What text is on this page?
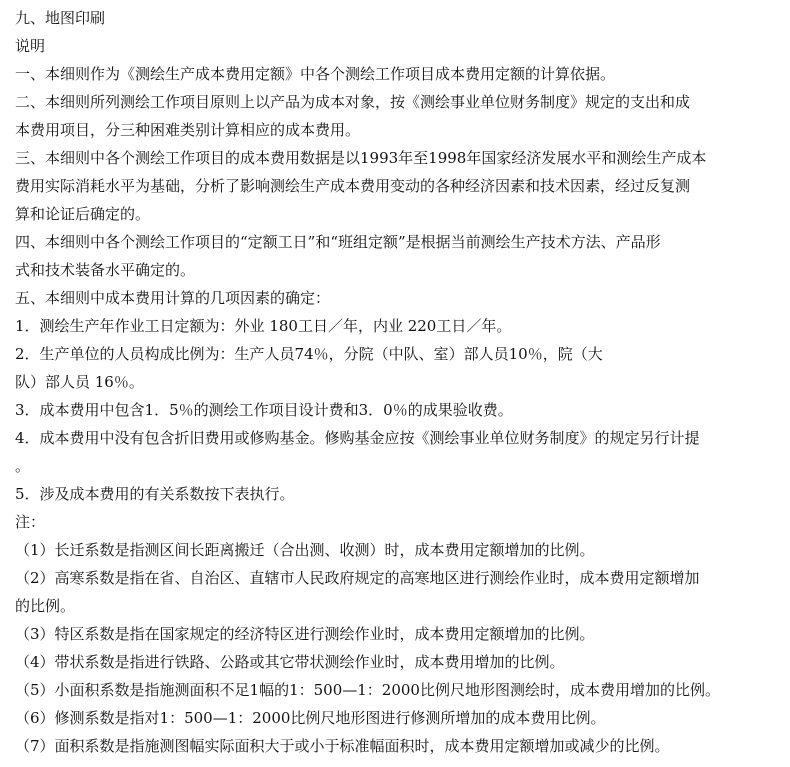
九、地图印刷
说明
一、本细则作为《测绘生产成本费用定额》中各个测绘工作项目成本费用定额的计算依据。
二、本细则所列测绘工作项目原则上以产品为成本对象，按《测绘事业单位财务制度》规定的支出和成
本费用项目，分三种困难类别计算相应的成本费用。
三、本细则中各个测绘工作项目的成本费用数据是以1993年至1998年国家经济发展水平和测绘生产成本
费用实际消耗水平为基础，分析了影响测绘生产成本费用变动的各种经济因素和技术因素，经过反复测
算和论证后确定的。
四、本细则中各个测绘工作项目的“定额工日”和“班组定额”是根据当前测绘生产技术方法、产品形
式和技术装备水平确定的。
五、本细则中成本费用计算的几项因素的确定：
1．测绘生产年作业工日定额为：外业 180工日／年，内业 220工日／年。
2．生产单位的人员构成比例为：生产人员74％，分院（中队、室）部人员10％，院（大
队）部人员 16％。
3．成本费用中包含1．5％的测绘工作项目设计费和3．0％的成果验收费。
4．成本费用中没有包含折旧费用或修购基金。修购基金应按《测绘事业单位财务制度》的规定另行计提
。
5．涉及成本费用的有关系数按下表执行。
注：
（1）长迁系数是指测区间长距离搬迁（合出测、收测）时，成本费用定额增加的比例。
（2）高寒系数是指在省、自治区、直辖市人民政府规定的高寒地区进行测绘作业时，成本费用定额增加
的比例。
（3）特区系数是指在国家规定的经济特区进行测绘作业时，成本费用定额增加的比例。
（4）带状系数是指进行铁路、公路或其它带状测绘作业时，成本费用增加的比例。
（5）小面积系数是指施测面积不足1幅的1：500—1：2000比例尺地形图测绘时，成本费用增加的比例。
（6）修测系数是指对1：500—1：2000比例尺地形图进行修测所增加的成本费用比例。
（7）面积系数是指施测图幅实际面积大于或小于标准幅面积时，成本费用定额增加或减少的比例。
